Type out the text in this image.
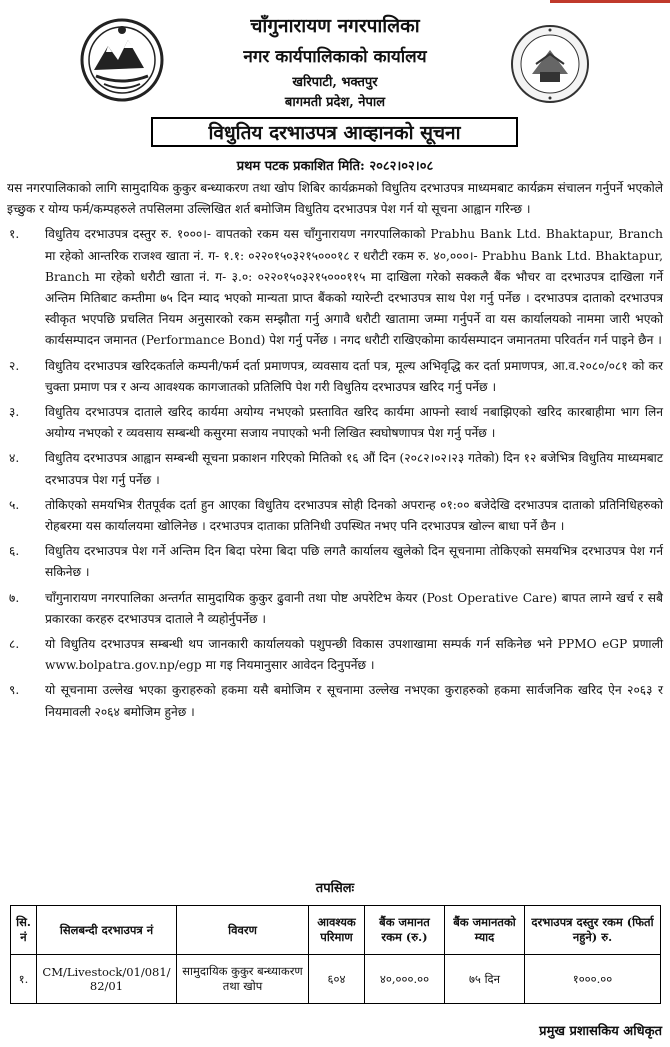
चाँगुनारायण नगरपालिका
नगर कार्यपालिकाको कार्यालय
खरिपाटी, भक्तपुर
बागमती प्रदेश, नेपाल
विधुतिय दरभाउपत्र आव्हानको सूचना
प्रथम पटक प्रकाशित मिति: २०८२।०२।०८

यस नगरपालिकाको लागि सामुदायिक कुकुर बन्ध्याकरण तथा खोप शिबिर कार्यक्रमको विधुतिय दरभाउपत्र माध्यमबाट कार्यक्रम संचालन गर्नुपर्ने भएकोले इच्छुक र योग्य फर्म/कम्पहरुले तपसिलमा उल्लिखित शर्त बमोजिम विधुतिय दरभाउपत्र पेश गर्न यो सूचना आह्वान गरिन्छ ।

१.	विधुतिय दरभाउपत्र दस्तुर रु. १०००।- वापतको रकम यस चाँगुनारायण नगरपालिकाको Prabhu Bank Ltd. Bhaktapur, Branch मा रहेको आन्तरिक राजश्व खाता नं. ग- १.१: ०२२०१५०३२१५०००१८ र धरौटी रकम रु. ४०,०००।- Prabhu Bank Ltd. Bhaktapur, Branch मा रहेको धरौटी खाता नं. ग- ३.०: ०२२०१५०३२१५०००११५ मा दाखिला गरेको सक्कलै बैंक भौचर वा दरभाउपत्र दाखिला गर्ने अन्तिम मितिबाट कम्तीमा ७५ दिन म्याद भएको मान्यता प्राप्त बैंकको ग्यारेन्टी दरभाउपत्र साथ पेश गर्नु पर्नेछ । दरभाउपत्र दाताको दरभाउपत्र स्वीकृत भएपछि प्रचलित नियम अनुसारको रकम सम्झौता गर्नु अगावै धरौटी खातामा जम्मा गर्नुपर्ने वा यस कार्यालयको नाममा जारी भएको कार्यसम्पादन जमानत (Performance Bond) पेश गर्नु पर्नेछ । नगद धरौटी राखिएकोमा कार्यसम्पादन जमानतमा परिवर्तन गर्न पाइने छैन ।
२.	विधुतिय दरभाउपत्र खरिदकर्ताले कम्पनी/फर्म दर्ता प्रमाणपत्र, व्यवसाय दर्ता पत्र, मूल्य अभिवृद्धि कर दर्ता प्रमाणपत्र, आ.व.२०८०/०८१ को कर चुक्ता प्रमाण पत्र र अन्य आवश्यक कागजातको प्रतिलिपि पेश गरी विधुतिय दरभाउपत्र खरिद गर्नु पर्नेछ ।
३.	विधुतिय दरभाउपत्र दाताले खरिद कार्यमा अयोग्य नभएको प्रस्तावित खरिद कार्यमा आफ्नो स्वार्थ नबाझिएको खरिद कारबाहीमा भाग लिन अयोग्य नभएको र व्यवसाय सम्बन्धी कसुरमा सजाय नपाएको भनी लिखित स्वघोषणापत्र पेश गर्नु पर्नेछ ।
४.	विधुतिय दरभाउपत्र आह्वान सम्बन्धी सूचना प्रकाशन गरिएको मितिको १६ औं दिन (२०८२।०२।२३ गतेको) दिन १२ बजेभित्र विधुतिय माध्यमबाट दरभाउपत्र पेश गर्नु पर्नेछ ।
५.	तोकिएको समयभित्र रीतपूर्वक दर्ता हुन आएका विधुतिय दरभाउपत्र सोही दिनको अपरान्ह ०१:०० बजेदेखि दरभाउपत्र दाताको प्रतिनिधिहरुको रोहबरमा यस कार्यालयमा खोलिनेछ । दरभाउपत्र दाताका प्रतिनिधी उपस्थित नभए पनि दरभाउपत्र खोल्न बाधा पर्ने छैन ।
६.	विधुतिय दरभाउपत्र पेश गर्ने अन्तिम दिन बिदा परेमा बिदा पछि लगतै कार्यालय खुलेको दिन सूचनामा तोकिएको समयभित्र दरभाउपत्र पेश गर्न सकिनेछ ।
७.	चाँगुनारायण नगरपालिका अन्तर्गत सामुदायिक कुकुर ढुवानी तथा पोष्ट अपरेटिभ केयर (Post Operative Care) बापत लाग्ने खर्च र सबै प्रकारका करहरु दरभाउपत्र दाताले नै व्यहोर्नुपर्नेछ ।
८.	यो विधुतिय दरभाउपत्र सम्बन्धी थप जानकारी कार्यालयको पशुपन्छी विकास उपशाखामा सम्पर्क गर्न सकिनेछ भने PPMO eGP प्रणाली www.bolpatra.gov.np/egp मा गइ नियमानुसार आवेदन दिनुपर्नेछ ।
९.	यो सूचनामा उल्लेख भएका कुराहरुको हकमा यसै बमोजिम र सूचनामा उल्लेख नभएका कुराहरुको हकमा सार्वजनिक खरिद ऐन २०६३ र नियमावली २०६४ बमोजिम हुनेछ ।
तपसिलः
सि. नं	सिलबन्दी दरभाउपत्र नं	विवरण	आवश्यक परिमाण	बैंक जमानत रकम (रु.)	बैंक जमानतको म्याद	दरभाउपत्र दस्तुर रकम (फिर्ता नहुने) रु.
१.	CM/Livestock/01/081/ 82/01	सामुदायिक कुकुर बन्ध्याकरण तथा खोप	६०४	४०,०००.००	७५ दिन	१०००.००
प्रमुख प्रशासकिय अधिकृत
